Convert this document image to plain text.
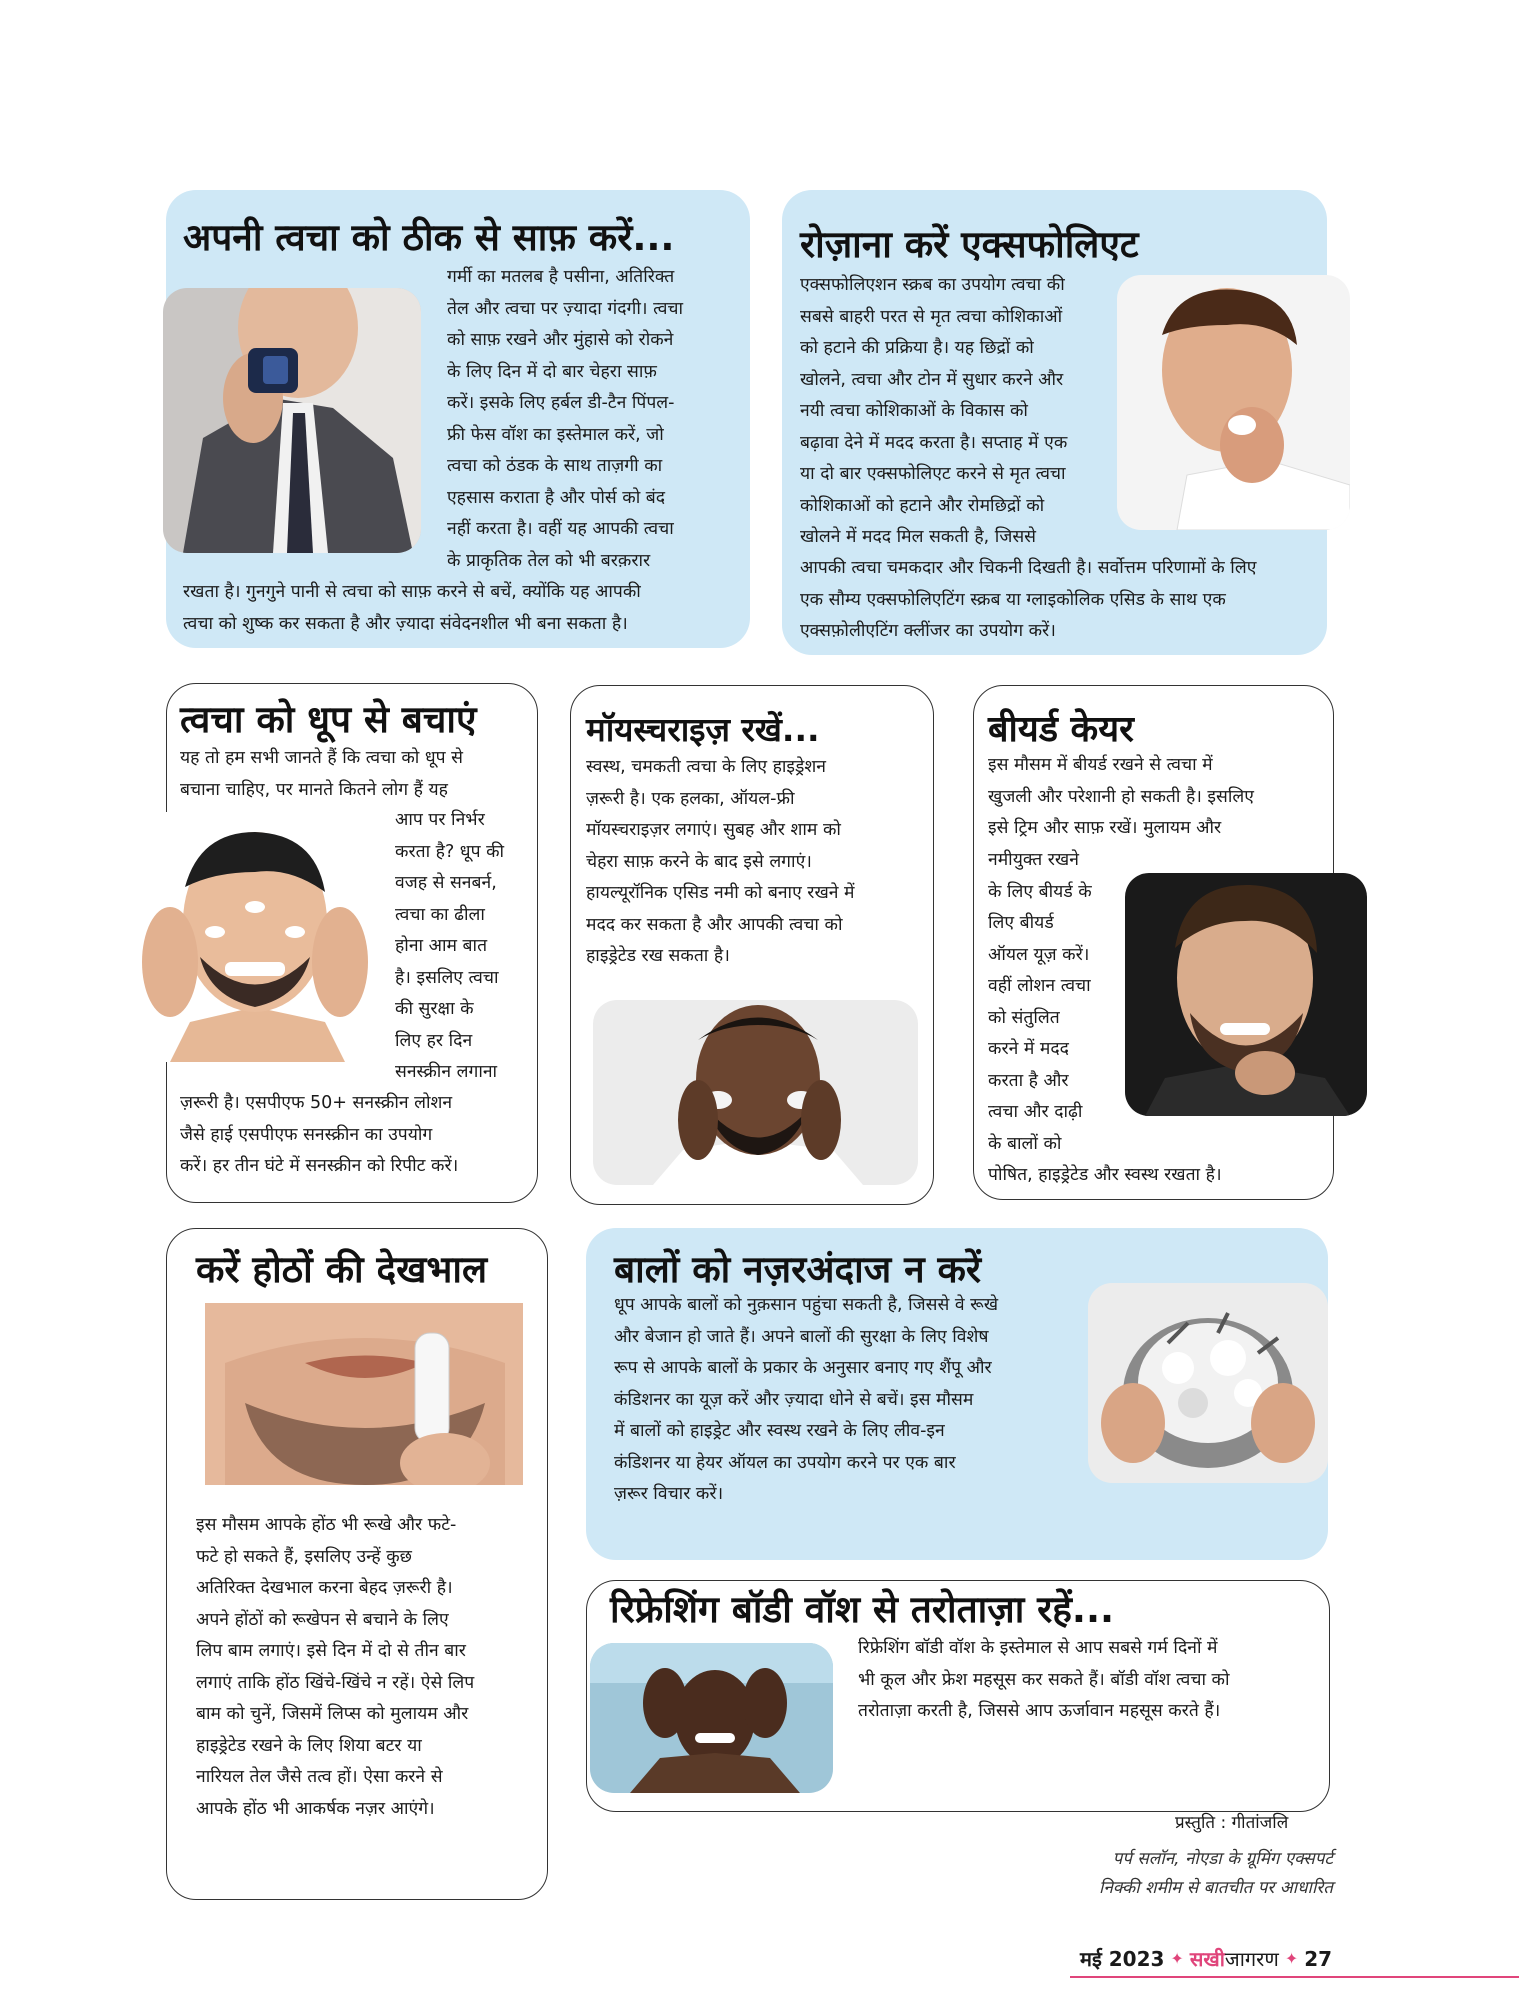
अपनी त्वचा को ठीक से साफ़ करें...
गर्मी का मतलब है पसीना, अतिरिक्त
तेल और त्वचा पर ज़्यादा गंदगी। त्वचा
को साफ़ रखने और मुंहासे को रोकने
के लिए दिन में दो बार चेहरा साफ़
करें। इसके लिए हर्बल डी-टैन पिंपल-
फ्री फेस वॉश का इस्तेमाल करें, जो
त्वचा को ठंडक के साथ ताज़गी का
एहसास कराता है और पोर्स को बंद
नहीं करता है। वहीं यह आपकी त्वचा
के प्राकृतिक तेल को भी बरक़रार
रखता है। गुनगुने पानी से त्वचा को साफ़ करने से बचें, क्योंकि यह आपकी
त्वचा को शुष्क कर सकता है और ज़्यादा संवेदनशील भी बना सकता है।
रोज़ाना करें एक्सफोलिएट
एक्सफोलिएशन स्क्रब का उपयोग त्वचा की
सबसे बाहरी परत से मृत त्वचा कोशिकाओं
को हटाने की प्रक्रिया है। यह छिद्रों को
खोलने, त्वचा और टोन में सुधार करने और
नयी त्वचा कोशिकाओं के विकास को
बढ़ावा देने में मदद करता है। सप्ताह में एक
या दो बार एक्सफोलिएट करने से मृत त्वचा
कोशिकाओं को हटाने और रोमछिद्रों को
खोलने में मदद मिल सकती है, जिससे
आपकी त्वचा चमकदार और चिकनी दिखती है। सर्वोत्तम परिणामों के लिए
एक सौम्य एक्सफोलिएटिंग स्क्रब या ग्लाइकोलिक एसिड के साथ एक
एक्सफ़ोलीएटिंग क्लींजर का उपयोग करें।
त्वचा को धूप से बचाएं
यह तो हम सभी जानते हैं कि त्वचा को धूप से
बचाना चाहिए, पर मानते कितने लोग हैं यह
आप पर निर्भर
करता है? धूप की
वजह से सनबर्न,
त्वचा का ढीला
होना आम बात
है। इसलिए त्वचा
की सुरक्षा के
लिए हर दिन
सनस्क्रीन लगाना
ज़रूरी है। एसपीएफ 50+ सनस्क्रीन लोशन
जैसे हाई एसपीएफ सनस्क्रीन का उपयोग
करें। हर तीन घंटे में सनस्क्रीन को रिपीट करें।
मॉयस्चराइज़ रखें...
स्वस्थ, चमकती त्वचा के लिए हाइड्रेशन
ज़रूरी है। एक हलका, ऑयल-फ्री
मॉयस्चराइज़र लगाएं। सुबह और शाम को
चेहरा साफ़ करने के बाद इसे लगाएं।
हायल्यूरॉनिक एसिड नमी को बनाए रखने में
मदद कर सकता है और आपकी त्वचा को
हाइड्रेटेड रख सकता है।
बीयर्ड केयर
इस मौसम में बीयर्ड रखने से त्वचा में
खुजली और परेशानी हो सकती है। इसलिए
इसे ट्रिम और साफ़ रखें। मुलायम और
नमीयुक्त रखने
के लिए बीयर्ड के
लिए बीयर्ड
ऑयल यूज़ करें।
वहीं लोशन त्वचा
को संतुलित
करने में मदद
करता है और
त्वचा और दाढ़ी
के बालों को
पोषित, हाइड्रेटेड और स्वस्थ रखता है।
करें होठों की देखभाल
इस मौसम आपके होंठ भी रूखे और फटे-
फटे हो सकते हैं, इसलिए उन्हें कुछ
अतिरिक्त देखभाल करना बेहद ज़रूरी है।
अपने होंठों को रूखेपन से बचाने के लिए
लिप बाम लगाएं। इसे दिन में दो से तीन बार
लगाएं ताकि होंठ खिंचे-खिंचे न रहें। ऐसे लिप
बाम को चुनें, जिसमें लिप्स को मुलायम और
हाइड्रेटेड रखने के लिए शिया बटर या
नारियल तेल जैसे तत्व हों। ऐसा करने से
आपके होंठ भी आकर्षक नज़र आएंगे।
बालों को नज़रअंदाज न करें
धूप आपके बालों को नुक़सान पहुंचा सकती है, जिससे वे रूखे
और बेजान हो जाते हैं। अपने बालों की सुरक्षा के लिए विशेष
रूप से आपके बालों के प्रकार के अनुसार बनाए गए शैंपू और
कंडिशनर का यूज़ करें और ज़्यादा धोने से बचें। इस मौसम
में बालों को हाइड्रेट और स्वस्थ रखने के लिए लीव-इन
कंडिशनर या हेयर ऑयल का उपयोग करने पर एक बार
ज़रूर विचार करें।
रिफ्रेशिंग बॉडी वॉश से तरोताज़ा रहें...
रिफ्रेशिंग बॉडी वॉश के इस्तेमाल से आप सबसे गर्म दिनों में
भी कूल और फ्रेश महसूस कर सकते हैं। बॉडी वॉश त्वचा को
तरोताज़ा करती है, जिससे आप ऊर्जावान महसूस करते हैं।
प्रस्तुति : गीतांजलि
पर्प सलॉन, नोएडा के ग्रूमिंग एक्सपर्ट
निक्की शमीम से बातचीत पर आधारित
मई 2023 ✦ सखीजागरण ✦ 27
